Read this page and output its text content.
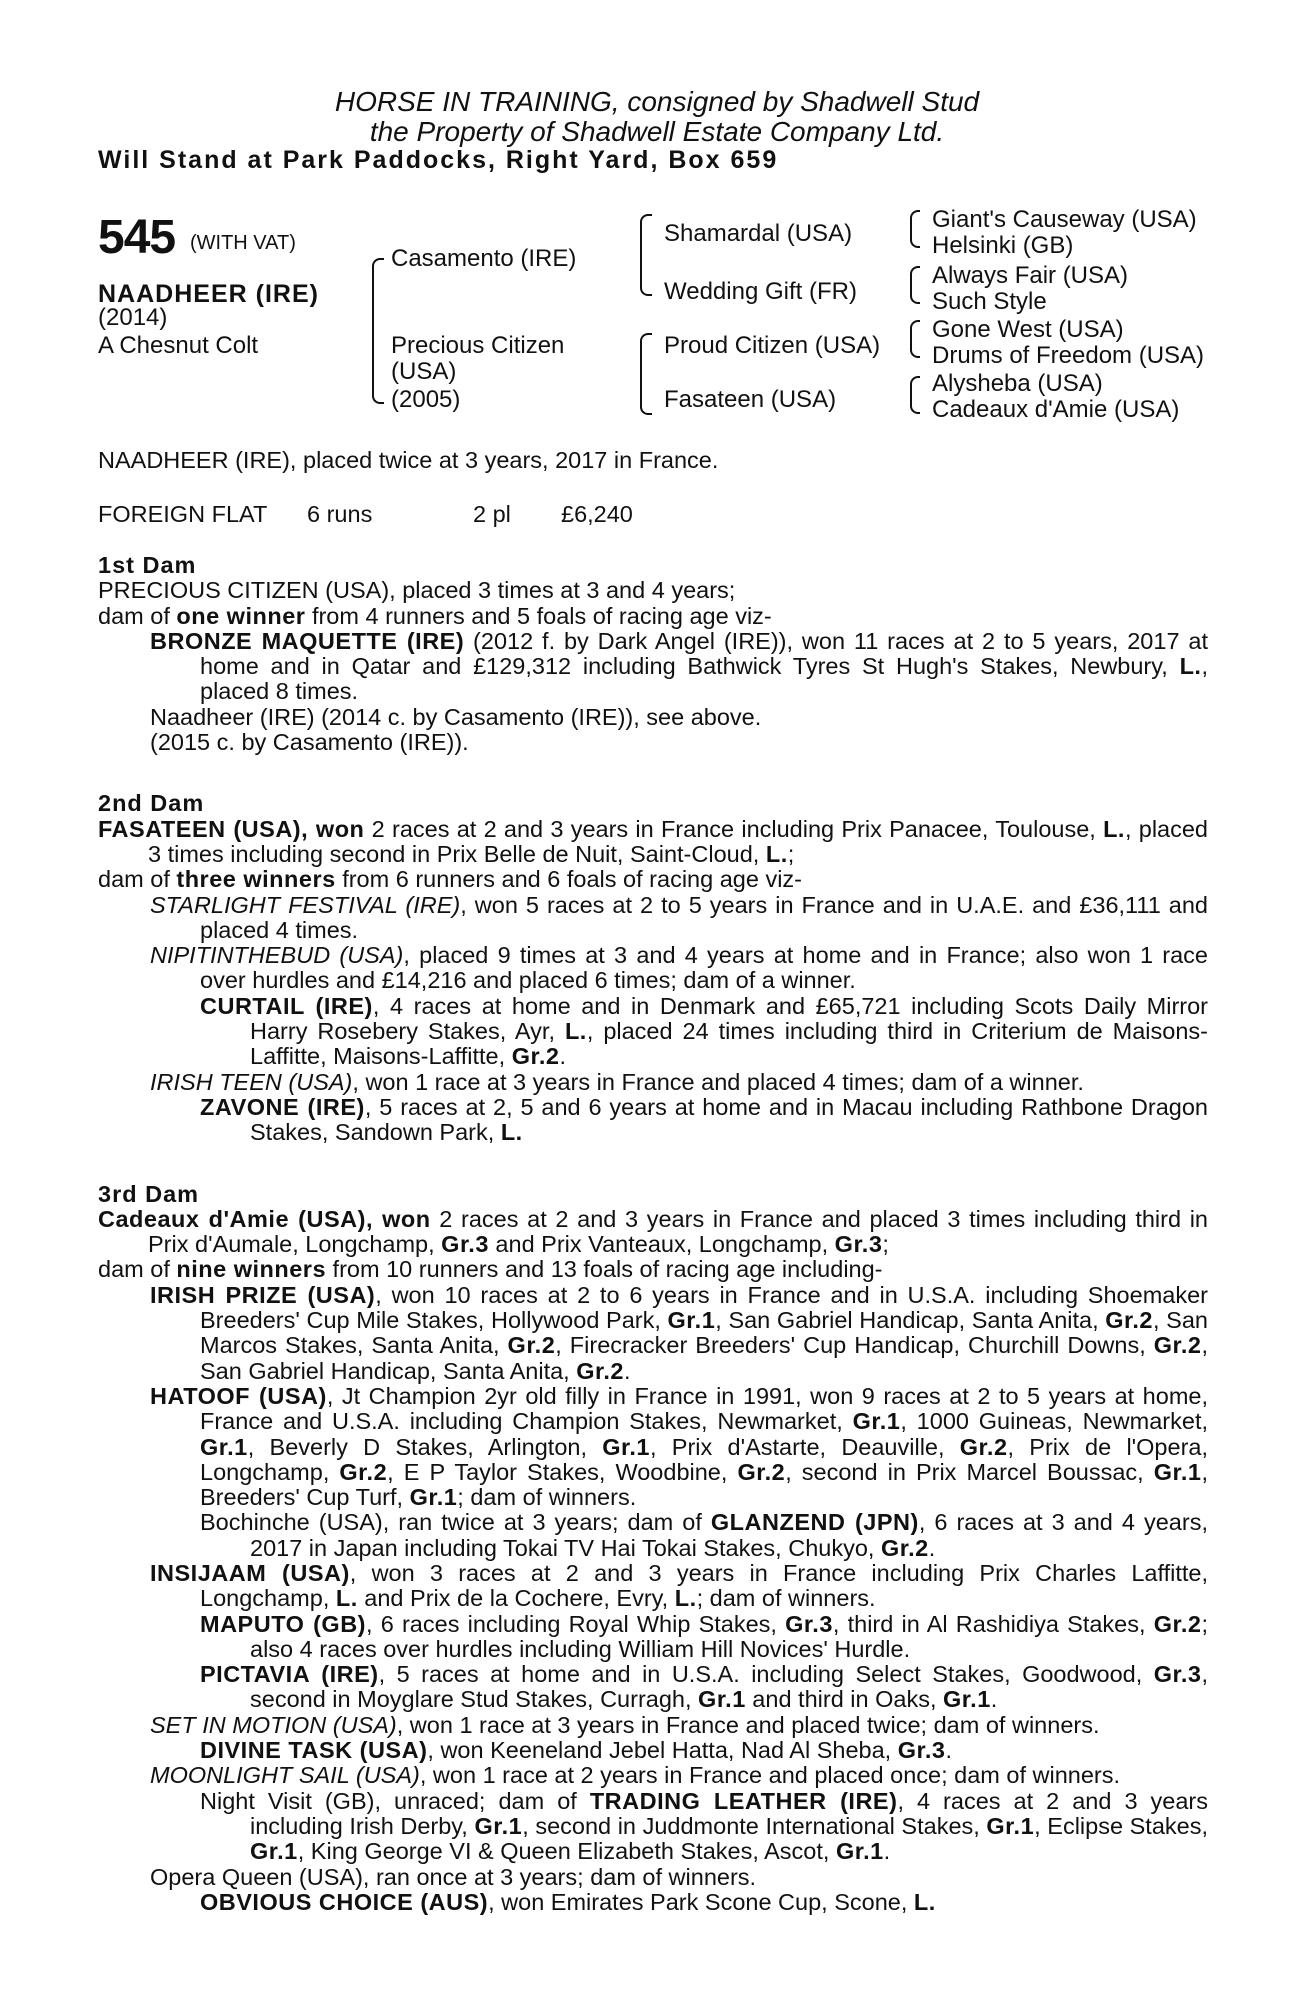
HORSE IN TRAINING, consigned by Shadwell Stud
the Property of Shadwell Estate Company Ltd.
Will Stand at Park Paddocks, Right Yard, Box 659
545 (WITH VAT)
NAADHEER (IRE)
(2014)
A Chesnut Colt
Casamento (IRE)
Precious Citizen
(USA)
(2005)
Shamardal (USA)
Wedding Gift (FR)
Proud Citizen (USA)
Fasateen (USA)
Giant's Causeway (USA)
Helsinki (GB)
Always Fair (USA)
Such Style
Gone West (USA)
Drums of Freedom (USA)
Alysheba (USA)
Cadeaux d'Amie (USA)
NAADHEER (IRE), placed twice at 3 years, 2017 in France.
FOREIGN FLAT 6 runs	2 pl £6,240

1st Dam

PRECIOUS CITIZEN (USA), placed 3 times at 3 and 4 years;

dam of one winner from 4 runners and 5 foals of racing age viz-

BRONZE MAQUETTE (IRE) (2012 f. by Dark Angel (IRE)), won 11 races at 2 to 5 years, 2017 at home and in Qatar and £129,312 including Bathwick Tyres St Hugh's Stakes, Newbury, L., placed 8 times.

Naadheer (IRE) (2014 c. by Casamento (IRE)), see above.

(2015 c. by Casamento (IRE)).

2nd Dam

FASATEEN (USA), won 2 races at 2 and 3 years in France including Prix Panacee, Toulouse, L., placed 3 times including second in Prix Belle de Nuit, Saint-Cloud, L.;

dam of three winners from 6 runners and 6 foals of racing age viz-

STARLIGHT FESTIVAL (IRE), won 5 races at 2 to 5 years in France and in U.A.E. and £36,111 and placed 4 times.

NIPITINTHEBUD (USA), placed 9 times at 3 and 4 years at home and in France; also won 1 race over hurdles and £14,216 and placed 6 times; dam of a winner.

CURTAIL (IRE), 4 races at home and in Denmark and £65,721 including Scots Daily Mirror Harry Rosebery Stakes, Ayr, L., placed 24 times including third in Criterium de Maisons-Laffitte, Maisons-Laffitte, Gr.2.

IRISH TEEN (USA), won 1 race at 3 years in France and placed 4 times; dam of a winner.

ZAVONE (IRE), 5 races at 2, 5 and 6 years at home and in Macau including Rathbone Dragon Stakes, Sandown Park, L.

3rd Dam

Cadeaux d'Amie (USA), won 2 races at 2 and 3 years in France and placed 3 times including third in Prix d'Aumale, Longchamp, Gr.3 and Prix Vanteaux, Longchamp, Gr.3;

dam of nine winners from 10 runners and 13 foals of racing age including-

IRISH PRIZE (USA), won 10 races at 2 to 6 years in France and in U.S.A. including Shoemaker Breeders' Cup Mile Stakes, Hollywood Park, Gr.1, San Gabriel Handicap, Santa Anita, Gr.2, San Marcos Stakes, Santa Anita, Gr.2, Firecracker Breeders' Cup Handicap, Churchill Downs, Gr.2, San Gabriel Handicap, Santa Anita, Gr.2.

HATOOF (USA), Jt Champion 2yr old filly in France in 1991, won 9 races at 2 to 5 years at home, France and U.S.A. including Champion Stakes, Newmarket, Gr.1, 1000 Guineas, Newmarket, Gr.1, Beverly D Stakes, Arlington, Gr.1, Prix d'Astarte, Deauville, Gr.2, Prix de l'Opera, Longchamp, Gr.2, E P Taylor Stakes, Woodbine, Gr.2, second in Prix Marcel Boussac, Gr.1, Breeders' Cup Turf, Gr.1; dam of winners.

Bochinche (USA), ran twice at 3 years; dam of GLANZEND (JPN), 6 races at 3 and 4 years, 2017 in Japan including Tokai TV Hai Tokai Stakes, Chukyo, Gr.2.

INSIJAAM (USA), won 3 races at 2 and 3 years in France including Prix Charles Laffitte, Longchamp, L. and Prix de la Cochere, Evry, L.; dam of winners.

MAPUTO (GB), 6 races including Royal Whip Stakes, Gr.3, third in Al Rashidiya Stakes, Gr.2; also 4 races over hurdles including William Hill Novices' Hurdle.

PICTAVIA (IRE), 5 races at home and in U.S.A. including Select Stakes, Goodwood, Gr.3, second in Moyglare Stud Stakes, Curragh, Gr.1 and third in Oaks, Gr.1.

SET IN MOTION (USA), won 1 race at 3 years in France and placed twice; dam of winners.

DIVINE TASK (USA), won Keeneland Jebel Hatta, Nad Al Sheba, Gr.3.

MOONLIGHT SAIL (USA), won 1 race at 2 years in France and placed once; dam of winners.

Night Visit (GB), unraced; dam of TRADING LEATHER (IRE), 4 races at 2 and 3 years including Irish Derby, Gr.1, second in Juddmonte International Stakes, Gr.1, Eclipse Stakes, Gr.1, King George VI & Queen Elizabeth Stakes, Ascot, Gr.1.

Opera Queen (USA), ran once at 3 years; dam of winners.

OBVIOUS CHOICE (AUS), won Emirates Park Scone Cup, Scone, L.
